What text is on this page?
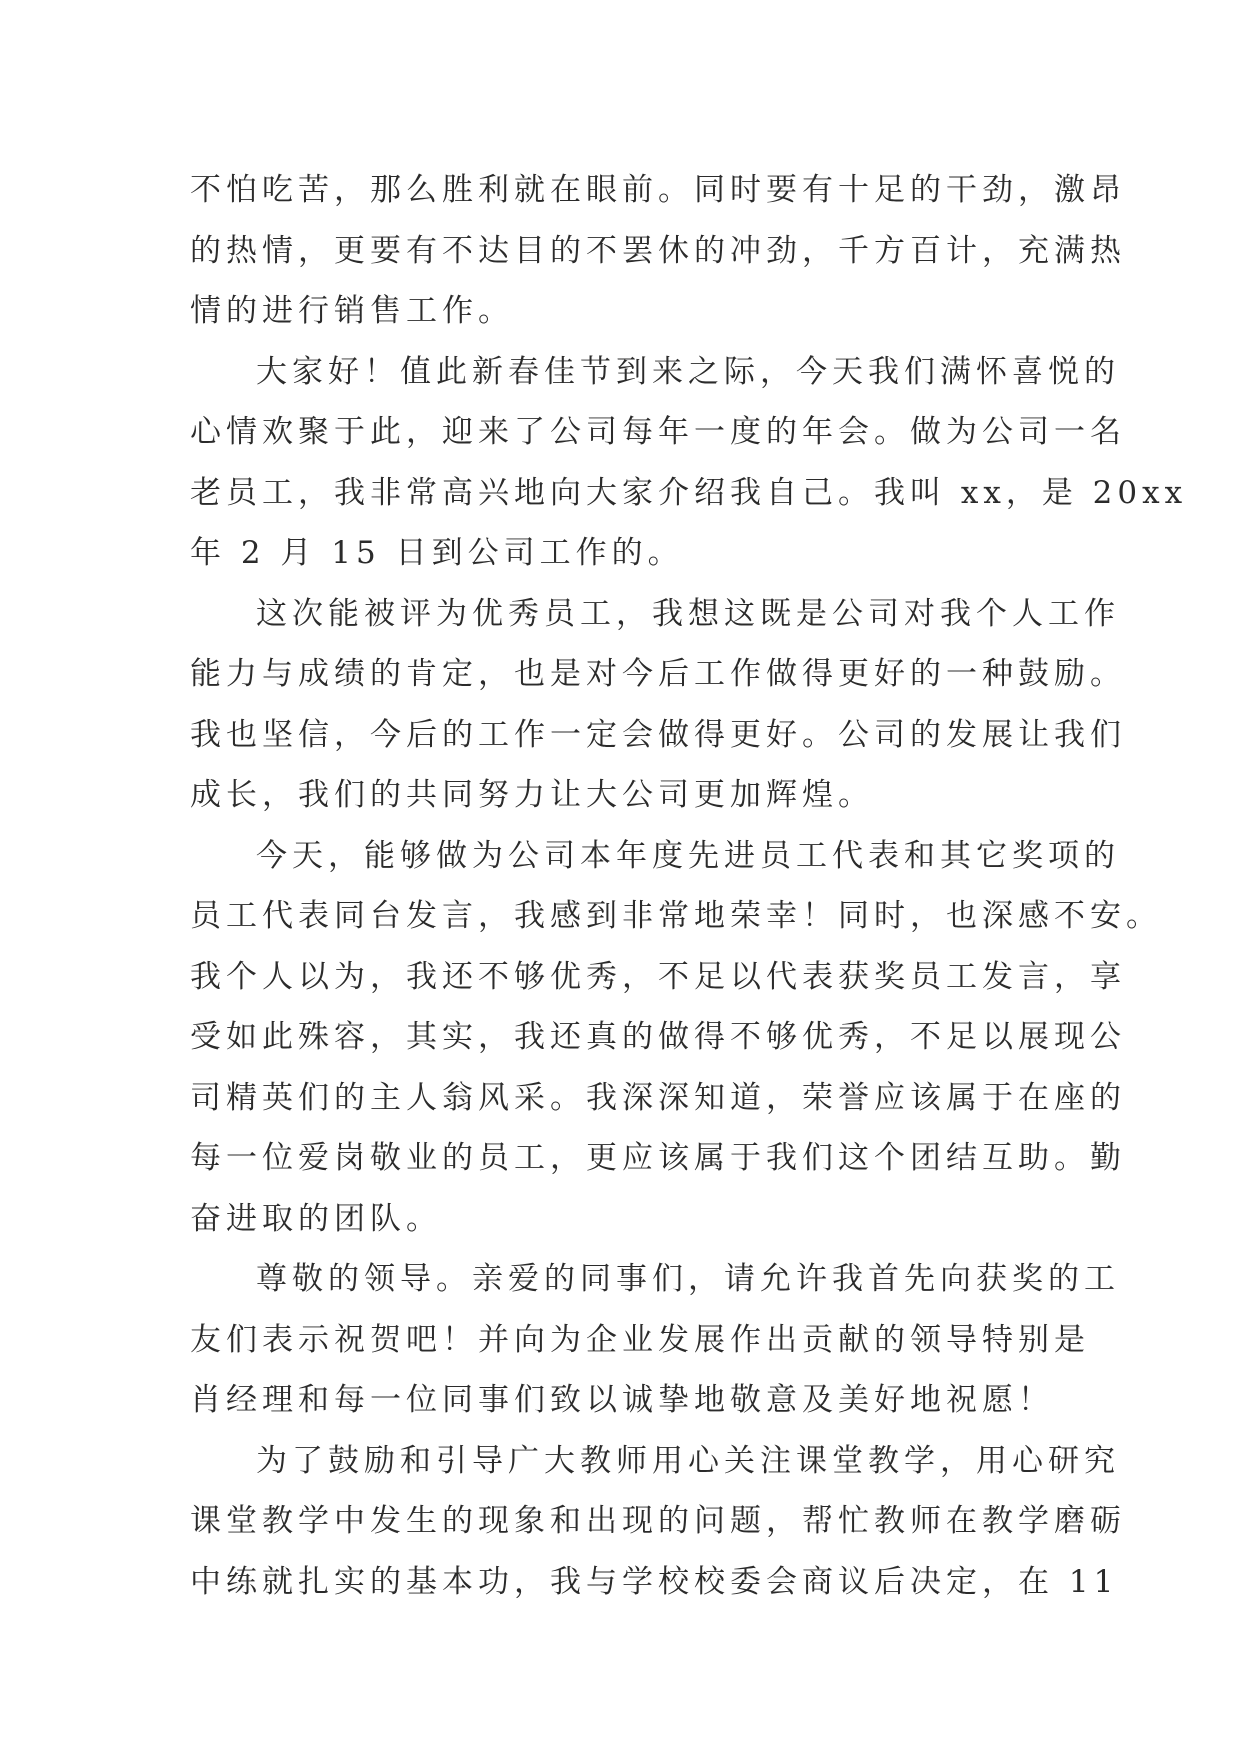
不怕吃苦，那么胜利就在眼前。同时要有十足的干劲，激昂
的热情，更要有不达目的不罢休的冲劲，千方百计，充满热
情的进行销售工作。
大家好！值此新春佳节到来之际，今天我们满怀喜悦的
心情欢聚于此，迎来了公司每年一度的年会。做为公司一名
老员工，我非常高兴地向大家介绍我自己。我叫 xx，是 20xx
年 2 月 15 日到公司工作的。
这次能被评为优秀员工，我想这既是公司对我个人工作
能力与成绩的肯定，也是对今后工作做得更好的一种鼓励。
我也坚信，今后的工作一定会做得更好。公司的发展让我们
成长，我们的共同努力让大公司更加辉煌。
今天，能够做为公司本年度先进员工代表和其它奖项的
员工代表同台发言，我感到非常地荣幸！同时，也深感不安。
我个人以为，我还不够优秀，不足以代表获奖员工发言，享
受如此殊容，其实，我还真的做得不够优秀，不足以展现公
司精英们的主人翁风采。我深深知道，荣誉应该属于在座的
每一位爱岗敬业的员工，更应该属于我们这个团结互助。勤
奋进取的团队。
尊敬的领导。亲爱的同事们，请允许我首先向获奖的工
友们表示祝贺吧！并向为企业发展作出贡献的领导特别是
肖经理和每一位同事们致以诚挚地敬意及美好地祝愿！
为了鼓励和引导广大教师用心关注课堂教学，用心研究
课堂教学中发生的现象和出现的问题，帮忙教师在教学磨砺
中练就扎实的基本功，我与学校校委会商议后决定，在 11
